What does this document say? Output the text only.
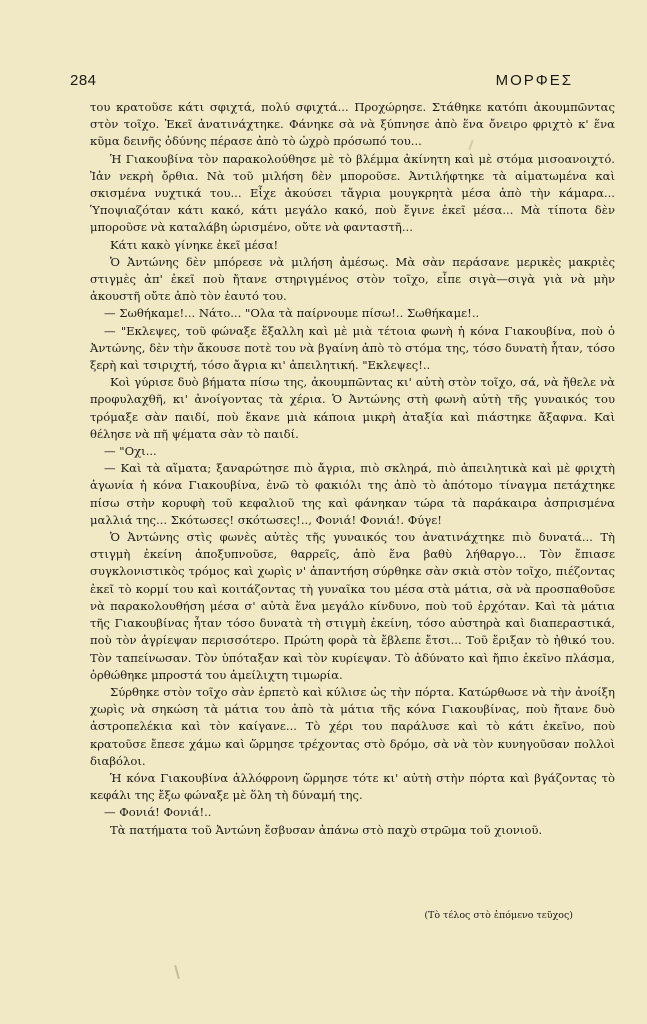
284	ΜΟΡΦΕΣ

του κρατοῦσε κάτι σφιχτά, πολύ σφιχτά... Προχώρησε. Στάθηκε κατόπι ἀκουμπῶντας στὸν τοῖχο. Ἐκεῖ ἀνατινάχτηκε. Φάνηκε σὰ νὰ ξύπνησε ἀπὸ ἕνα ὄνειρο φριχτὸ κ' ἕνα κῦμα δεινῆς ὀδύνης πέρασε ἀπὸ τὸ ὠχρὸ πρόσωπό του...

Ἡ Γιακουβίνα τὸν παρακολούθησε μὲ τὸ βλέμμα ἀκίνητη καὶ μὲ στόμα μισοανοιχτό. Ἰἀν νεκρὴ ὄρθια. Νὰ τοῦ μιλήση δὲν μποροῦσε. Ἀντιλήφτηκε τὰ αἱματωμένα καὶ σκισμένα νυχτικά του... Εἶχε ἀκούσει τἄγρια μουγκρητὰ μέσα ἀπὸ τὴν κάμαρα... Ὑποψιαζόταν κάτι κακό, κάτι μεγάλο κακό, ποὺ ἔγινε ἐκεῖ μέσα... Μὰ τίποτα δὲν μποροῦσε νὰ καταλάβη ὡρισμένο, οὔτε νὰ φανταστῆ...

Κάτι κακὸ γίνηκε ἐκεῖ μέσα!

Ὁ Ἀντώνης δὲν μπόρεσε νὰ μιλήση ἀμέσως. Μὰ σὰν περάσανε μερικὲς μακριὲς στιγμὲς ἀπ' ἐκεῖ ποὺ ἤτανε στηριγμένος στὸν τοῖχο, εἶπε σιγὰ—σιγὰ γιὰ νὰ μὴν ἀκουστῆ οὔτε ἀπὸ τὸν ἑαυτό του.

— Σωθήκαμε!... Νάτο... "Ολα τὰ παίρνουμε πίσω!.. Σωθήκαμε!..

— "Εκλεψες, τοῦ φώναξε ἔξαλλη καὶ μὲ μιὰ τέτοια φωνὴ ἡ κόνα Γιακουβίνα, ποὺ ὁ Ἀντώνης, δὲν τὴν ἄκουσε ποτὲ του νὰ βγαίνη ἀπὸ τὸ στόμα της, τόσο δυνατὴ ἦταν, τόσο ξερὴ καὶ τσιριχτή, τόσο ἄγρια κι' ἀπειλητική. "Εκλεψες!..

Κοὶ γύρισε δυὸ βήματα πίσω της, ἀκουμπῶντας κι' αὐτὴ στὸν τοῖχο, σά, νὰ ἤθελε νὰ προφυλαχθῆ, κι' ἀνοίγοντας τὰ χέρια. Ὁ Ἀντώνης στὴ φωνὴ αὐτὴ τῆς γυναικός του τρόμαξε σὰν παιδί, ποὺ ἔκανε μιὰ κάποια μικρὴ ἀταξία καὶ πιάστηκε ἄξαφνα. Καὶ θέλησε νὰ πῆ ψέματα σὰν τὸ παιδί.

— "Οχι...

— Καὶ τὰ αἵματα; ξαναρώτησε πιὸ ἄγρια, πιὸ σκληρά, πιὸ ἀπειλητικὰ καὶ μὲ φριχτὴ ἀγωνία ἡ κόνα Γιακουβίνα, ἐνῶ τὸ φακιόλι της ἀπὸ τὸ ἀπότομο τίναγμα πετάχτηκε πίσω στὴν κορυφὴ τοῦ κεφαλιοῦ της καὶ φάνηκαν τώρα τὰ παράκαιρα ἀσπρισμένα μαλλιά της... Σκότωσες! σκότωσες!.., Φονιά! Φονιά!. Φύγε!

Ὁ Ἀντώνης στὶς φωνὲς αὐτὲς τῆς γυναικός του ἀνατινάχτηκε πιὸ δυνατά... Τὴ στιγμὴ ἐκείνη ἀποξυπνοῦσε, θαρρεῖς, ἀπὸ ἕνα βαθὺ λήθαργο... Τὸν ἔπιασε συγκλονιστικὸς τρόμος καὶ χωρὶς ν' ἀπαντήση σύρθηκε σὰν σκιὰ στὸν τοῖχο, πιέζοντας ἐκεῖ τὸ κορμί του καὶ κοιτάζοντας τὴ γυναῖκα του μέσα στὰ μάτια, σὰ νὰ προσπαθοῦσε νὰ παρακολουθήση μέσα σ' αὐτὰ ἕνα μεγάλο κίνδυνο, ποὺ τοῦ ἐρχόταν. Καὶ τὰ μάτια τῆς Γιακουβίνας ἦταν τόσο δυνατὰ τὴ στιγμὴ ἐκείνη, τόσο αὐστηρὰ καὶ διαπεραστικά, ποὺ τὸν ἀγρίεψαν περισσότερο. Πρώτη φορὰ τὰ ἔβλεπε ἔτσι... Τοῦ ἔριξαν τὸ ἠθικό του. Τὸν ταπείνωσαν. Τὸν ὑπόταξαν καὶ τὸν κυρίεψαν. Τὸ ἀδύνατο καὶ ἤπιο ἐκεῖνο πλάσμα, ὀρθώθηκε μπροστά του ἀμείλιχτη τιμωρία.

Σύρθηκε στὸν τοῖχο σὰν ἑρπετὸ καὶ κύλισε ὡς τὴν πόρτα. Κατώρθωσε νὰ τὴν ἀνοίξη χωρὶς νὰ σηκώση τὰ μάτια του ἀπὸ τὰ μάτια τῆς κόνα Γιακουβίνας, ποὺ ἤτανε δυὸ ἀστροπελέκια καὶ τὸν καίγανε... Τὸ χέρι του παράλυσε καὶ τὸ κάτι ἐκεῖνο, ποὺ κρατοῦσε ἔπεσε χάμω καὶ ὥρμησε τρέχοντας στὸ δρόμο, σὰ νὰ τὸν κυνηγοῦσαν πολλοὶ διαβόλοι.

Ἡ κόνα Γιακουβίνα ἀλλόφρονη ὥρμησε τότε κι' αὐτὴ στὴν πόρτα καὶ βγάζοντας τὸ κεφάλι της ἔξω φώναξε μὲ ὅλη τὴ δύναμή της.

— Φονιά! Φονιά!..

Τὰ πατήματα τοῦ Ἀντώνη ἔσβυσαν ἀπάνω στὸ παχὺ στρῶμα τοῦ χιονιοῦ.

(Τὸ τέλος στὸ ἑπόμενο τεῦχος)
